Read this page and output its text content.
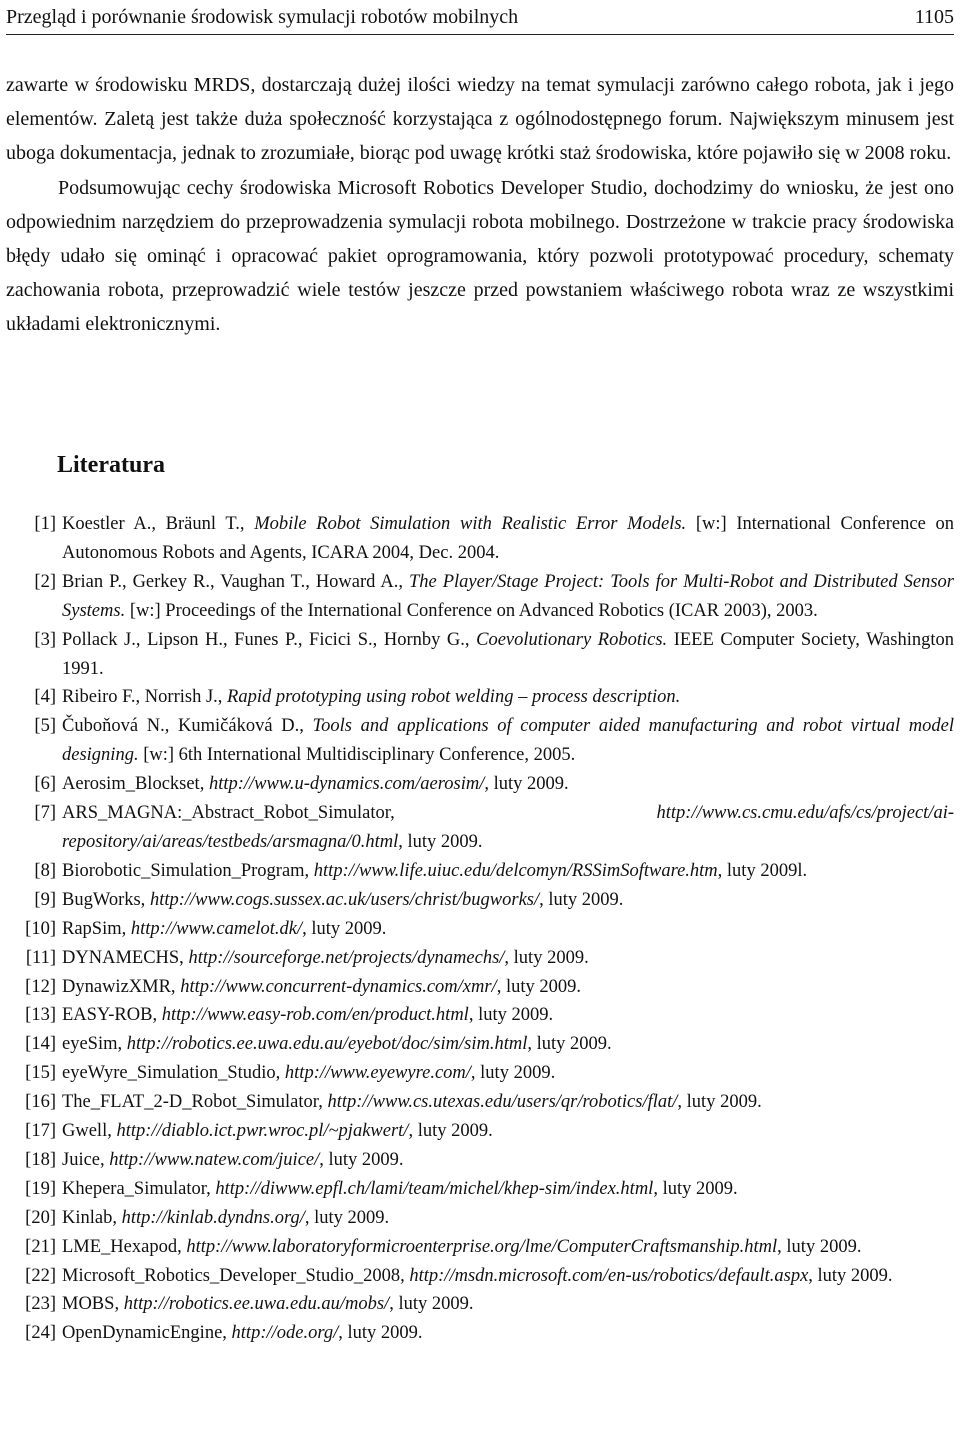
Przegląd i porównanie środowisk symulacji robotów mobilnych	1105

zawarte w środowisku MRDS, dostarczają dużej ilości wiedzy na temat symulacji zarówno całego robota, jak i jego elementów. Zaletą jest także duża społeczność korzystająca z ogólnodostępnego forum. Największym minusem jest uboga dokumentacja, jednak to zrozumiałe, biorąc pod uwagę krótki staż środowiska, które pojawiło się w 2008 roku.

Podsumowując cechy środowiska Microsoft Robotics Developer Studio, dochodzimy do wniosku, że jest ono odpowiednim narzędziem do przeprowadzenia symulacji robota mobilnego. Dostrzeżone w trakcie pracy środowiska błędy udało się ominąć i opracować pakiet oprogramowania, który pozwoli prototypować procedury, schematy zachowania robota, przeprowadzić wiele testów jeszcze przed powstaniem właściwego robota wraz ze wszystkimi układami elektronicznymi.

Literatura
[1] Koestler A., Bräunl T., Mobile Robot Simulation with Realistic Error Models. [w:] International Conference on Autonomous Robots and Agents, ICARA 2004, Dec. 2004.
[2] Brian P., Gerkey R., Vaughan T., Howard A., The Player/Stage Project: Tools for Multi-Robot and Distributed Sensor Systems. [w:] Proceedings of the International Conference on Advanced Robotics (ICAR 2003), 2003.
[3] Pollack J., Lipson H., Funes P., Ficici S., Hornby G., Coevolutionary Robotics. IEEE Computer Society, Washington 1991.
[4] Ribeiro F., Norrish J., Rapid prototyping using robot welding – process description.
[5] Čuboňová N., Kumičáková D., Tools and applications of computer aided manufacturing and robot virtual model designing. [w:] 6th International Multidisciplinary Conference, 2005.
[6] Aerosim_Blockset, http://www.u-dynamics.com/aerosim/, luty 2009.
[7] ARS_MAGNA:_Abstract_Robot_Simulator, http://www.cs.cmu.edu/afs/cs/project/ai-repository/ai/areas/testbeds/arsmagna/0.html, luty 2009.
[8] Biorobotic_Simulation_Program, http://www.life.uiuc.edu/delcomyn/RSSimSoftware.htm, luty 2009l.
[9] BugWorks, http://www.cogs.sussex.ac.uk/users/christ/bugworks/, luty 2009.
[10] RapSim, http://www.camelot.dk/, luty 2009.
[11] DYNAMECHS, http://sourceforge.net/projects/dynamechs/, luty 2009.
[12] DynawizXMR, http://www.concurrent-dynamics.com/xmr/, luty 2009.
[13] EASY-ROB, http://www.easy-rob.com/en/product.html, luty 2009.
[14] eyeSim, http://robotics.ee.uwa.edu.au/eyebot/doc/sim/sim.html, luty 2009.
[15] eyeWyre_Simulation_Studio, http://www.eyewyre.com/, luty 2009.
[16] The_FLAT_2-D_Robot_Simulator, http://www.cs.utexas.edu/users/qr/robotics/flat/, luty 2009.
[17] Gwell, http://diablo.ict.pwr.wroc.pl/~pjakwert/, luty 2009.
[18] Juice, http://www.natew.com/juice/, luty 2009.
[19] Khepera_Simulator, http://diwww.epfl.ch/lami/team/michel/khep-sim/index.html, luty 2009.
[20] Kinlab, http://kinlab.dyndns.org/, luty 2009.
[21] LME_Hexapod, http://www.laboratoryformicroenterprise.org/lme/ComputerCraftsmanship.html, luty 2009.
[22] Microsoft_Robotics_Developer_Studio_2008, http://msdn.microsoft.com/en-us/robotics/default.aspx, luty 2009.
[23] MOBS, http://robotics.ee.uwa.edu.au/mobs/, luty 2009.
[24] OpenDynamicEngine, http://ode.org/, luty 2009.
